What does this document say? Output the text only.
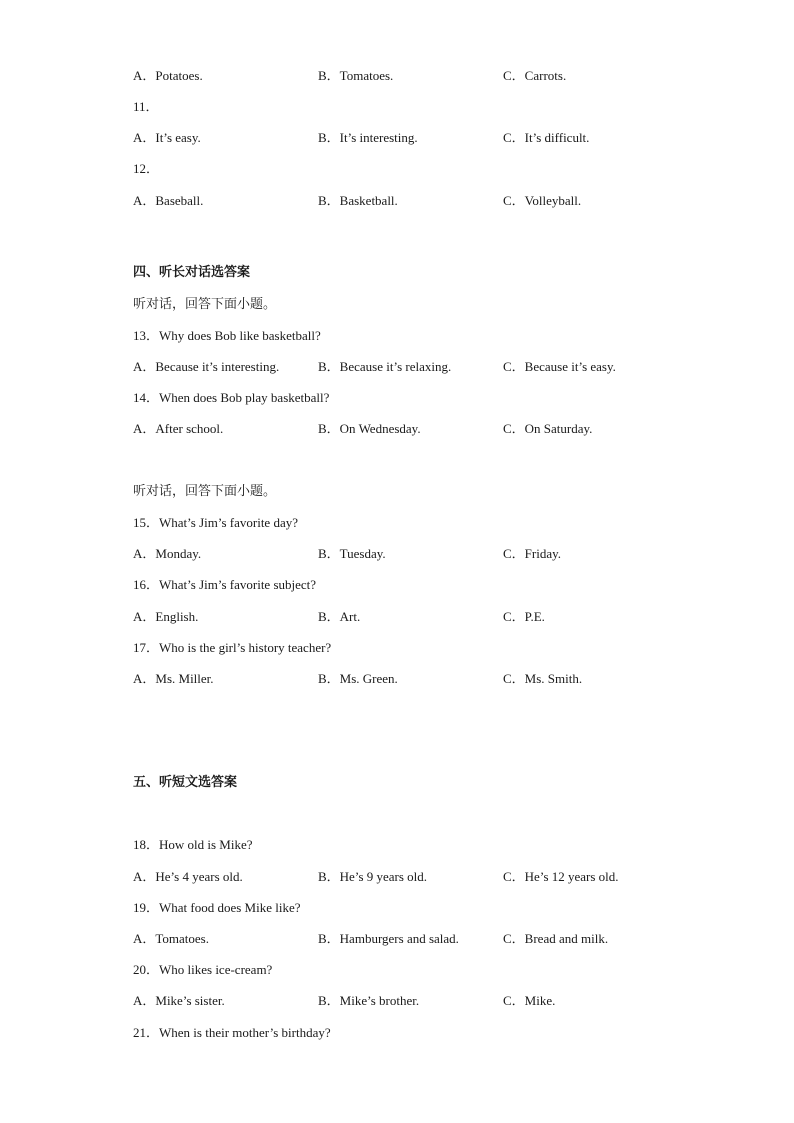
A．Potatoes.	B．Tomatoes.	C．Carrots.
11．
A．It’s easy.	B．It’s interesting.	C．It’s difficult.
12．
A．Baseball.	B．Basketball.	C．Volleyball.
四、听长对话选答案
听对话，回答下面小题。
13．Why does Bob like basketball?
A．Because it’s interesting.	B．Because it’s relaxing.	C．Because it’s easy.
14．When does Bob play basketball?
A．After school.	B．On Wednesday.	C．On Saturday.
听对话，回答下面小题。
15．What’s Jim’s favorite day?
A．Monday.	B．Tuesday.	C．Friday.
16．What’s Jim’s favorite subject?
A．English.	B．Art.	C．P.E.
17．Who is the girl’s history teacher?
A．Ms. Miller.	B．Ms. Green.	C．Ms. Smith.
五、听短文选答案
18．How old is Mike?
A．He’s 4 years old.	B．He’s 9 years old.	C．He’s 12 years old.
19．What food does Mike like?
A．Tomatoes.	B．Hamburgers and salad.	C．Bread and milk.
20．Who likes ice-cream?
A．Mike’s sister.	B．Mike’s brother.	C．Mike.
21．When is their mother’s birthday?
